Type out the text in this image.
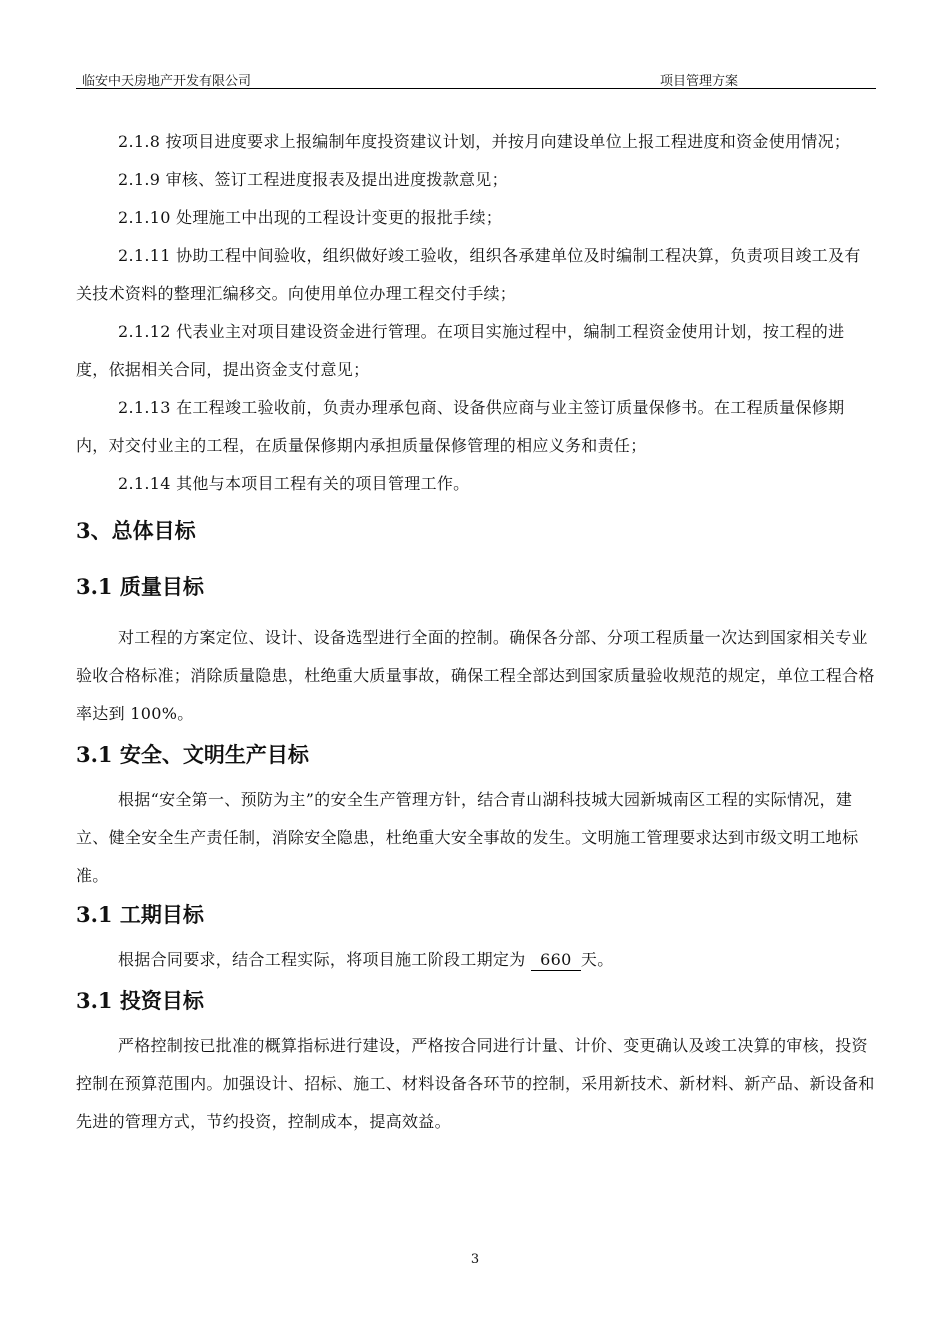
临安中天房地产开发有限公司	项目管理方案

2.1.8 按项目进度要求上报编制年度投资建议计划，并按月向建设单位上报工程进度和资金使用情况；

2.1.9 审核、签订工程进度报表及提出进度拨款意见；

2.1.10 处理施工中出现的工程设计变更的报批手续；

2.1.11 协助工程中间验收，组织做好竣工验收，组织各承建单位及时编制工程决算，负责项目竣工及有关技术资料的整理汇编移交。向使用单位办理工程交付手续；

2.1.12 代表业主对项目建设资金进行管理。在项目实施过程中，编制工程资金使用计划，按工程的进度，依据相关合同，提出资金支付意见；

2.1.13 在工程竣工验收前，负责办理承包商、设备供应商与业主签订质量保修书。在工程质量保修期内，对交付业主的工程，在质量保修期内承担质量保修管理的相应义务和责任；

2.1.14 其他与本项目工程有关的项目管理工作。

3、总体目标
3.1 质量目标

对工程的方案定位、设计、设备选型进行全面的控制。确保各分部、分项工程质量一次达到国家相关专业验收合格标准；消除质量隐患，杜绝重大质量事故，确保工程全部达到国家质量验收规范的规定，单位工程合格率达到 100%。

3.1 安全、文明生产目标

根据“安全第一、预防为主”的安全生产管理方针，结合青山湖科技城大园新城南区工程的实际情况，建立、健全安全生产责任制，消除安全隐患，杜绝重大安全事故的发生。文明施工管理要求达到市级文明工地标准。

3.1 工期目标

根据合同要求，结合工程实际，将项目施工阶段工期定为 660 天。

3.1 投资目标

严格控制按已批准的概算指标进行建设，严格按合同进行计量、计价、变更确认及竣工决算的审核，投资控制在预算范围内。加强设计、招标、施工、材料设备各环节的控制，采用新技术、新材料、新产品、新设备和先进的管理方式，节约投资，控制成本，提高效益。

3
